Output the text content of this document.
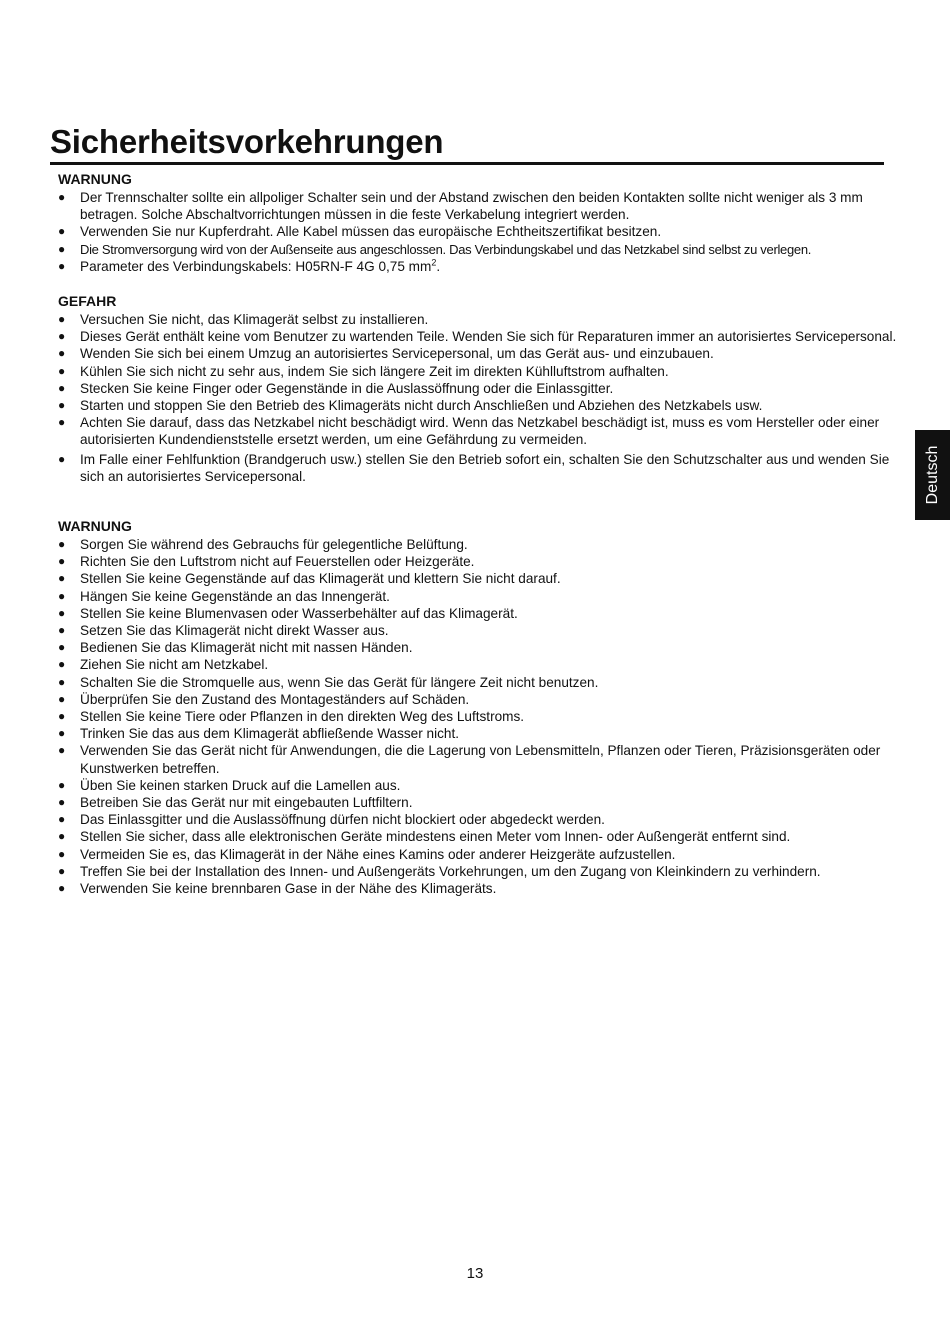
Sicherheitsvorkehrungen
WARNUNG
● Der Trennschalter sollte ein allpoliger Schalter sein und der Abstand zwischen den beiden Kontakten sollte nicht weniger als 3 mm betragen. Solche Abschaltvorrichtungen müssen in die feste Verkabelung integriert werden.
● Verwenden Sie nur Kupferdraht. Alle Kabel müssen das europäische Echtheitszertifikat besitzen.
● Die Stromversorgung wird von der Außenseite aus angeschlossen. Das Verbindungskabel und das Netzkabel sind selbst zu verlegen.
● Parameter des Verbindungskabels: H05RN-F 4G 0,75 $mm^2$.
GEFAHR
● Versuchen Sie nicht, das Klimagerät selbst zu installieren.
● Dieses Gerät enthält keine vom Benutzer zu wartenden Teile. Wenden Sie sich für Reparaturen immer an autorisiertes Servicepersonal.
● Wenden Sie sich bei einem Umzug an autorisiertes Servicepersonal, um das Gerät aus- und einzubauen.
● Kühlen Sie sich nicht zu sehr aus, indem Sie sich längere Zeit im direkten Kühlluftstrom aufhalten.
● Stecken Sie keine Finger oder Gegenstände in die Auslassöffnung oder die Einlassgitter.
● Starten und stoppen Sie den Betrieb des Klimageräts nicht durch Anschließen und Abziehen des Netzkabels usw.
● Achten Sie darauf, dass das Netzkabel nicht beschädigt wird. Wenn das Netzkabel beschädigt ist, muss es vom Hersteller oder einer autorisierten Kundendienststelle ersetzt werden, um eine Gefährdung zu vermeiden.
● Im Falle einer Fehlfunktion (Brandgeruch usw.) stellen Sie den Betrieb sofort ein, schalten Sie den Schutzschalter aus und wenden Sie sich an autorisiertes Servicepersonal.
WARNUNG
● Sorgen Sie während des Gebrauchs für gelegentliche Belüftung.
● Richten Sie den Luftstrom nicht auf Feuerstellen oder Heizgeräte.
● Stellen Sie keine Gegenstände auf das Klimagerät und klettern Sie nicht darauf.
● Hängen Sie keine Gegenstände an das Innengerät.
● Stellen Sie keine Blumenvasen oder Wasserbehälter auf das Klimagerät.
● Setzen Sie das Klimagerät nicht direkt Wasser aus.
● Bedienen Sie das Klimagerät nicht mit nassen Händen.
● Ziehen Sie nicht am Netzkabel.
● Schalten Sie die Stromquelle aus, wenn Sie das Gerät für längere Zeit nicht benutzen.
● Überprüfen Sie den Zustand des Montageständers auf Schäden.
● Stellen Sie keine Tiere oder Pflanzen in den direkten Weg des Luftstroms.
● Trinken Sie das aus dem Klimagerät abfließende Wasser nicht.
● Verwenden Sie das Gerät nicht für Anwendungen, die die Lagerung von Lebensmitteln, Pflanzen oder Tieren, Präzisionsgeräten oder Kunstwerken betreffen.
● Üben Sie keinen starken Druck auf die Lamellen aus.
● Betreiben Sie das Gerät nur mit eingebauten Luftfiltern.
● Das Einlassgitter und die Auslassöffnung dürfen nicht blockiert oder abgedeckt werden.
● Stellen Sie sicher, dass alle elektronischen Geräte mindestens einen Meter vom Innen- oder Außengerät entfernt sind.
● Vermeiden Sie es, das Klimagerät in der Nähe eines Kamins oder anderer Heizgeräte aufzustellen.
● Treffen Sie bei der Installation des Innen- und Außengeräts Vorkehrungen, um den Zugang von Kleinkindern zu verhindern.
● Verwenden Sie keine brennbaren Gase in der Nähe des Klimageräts.
Deutsch
13
